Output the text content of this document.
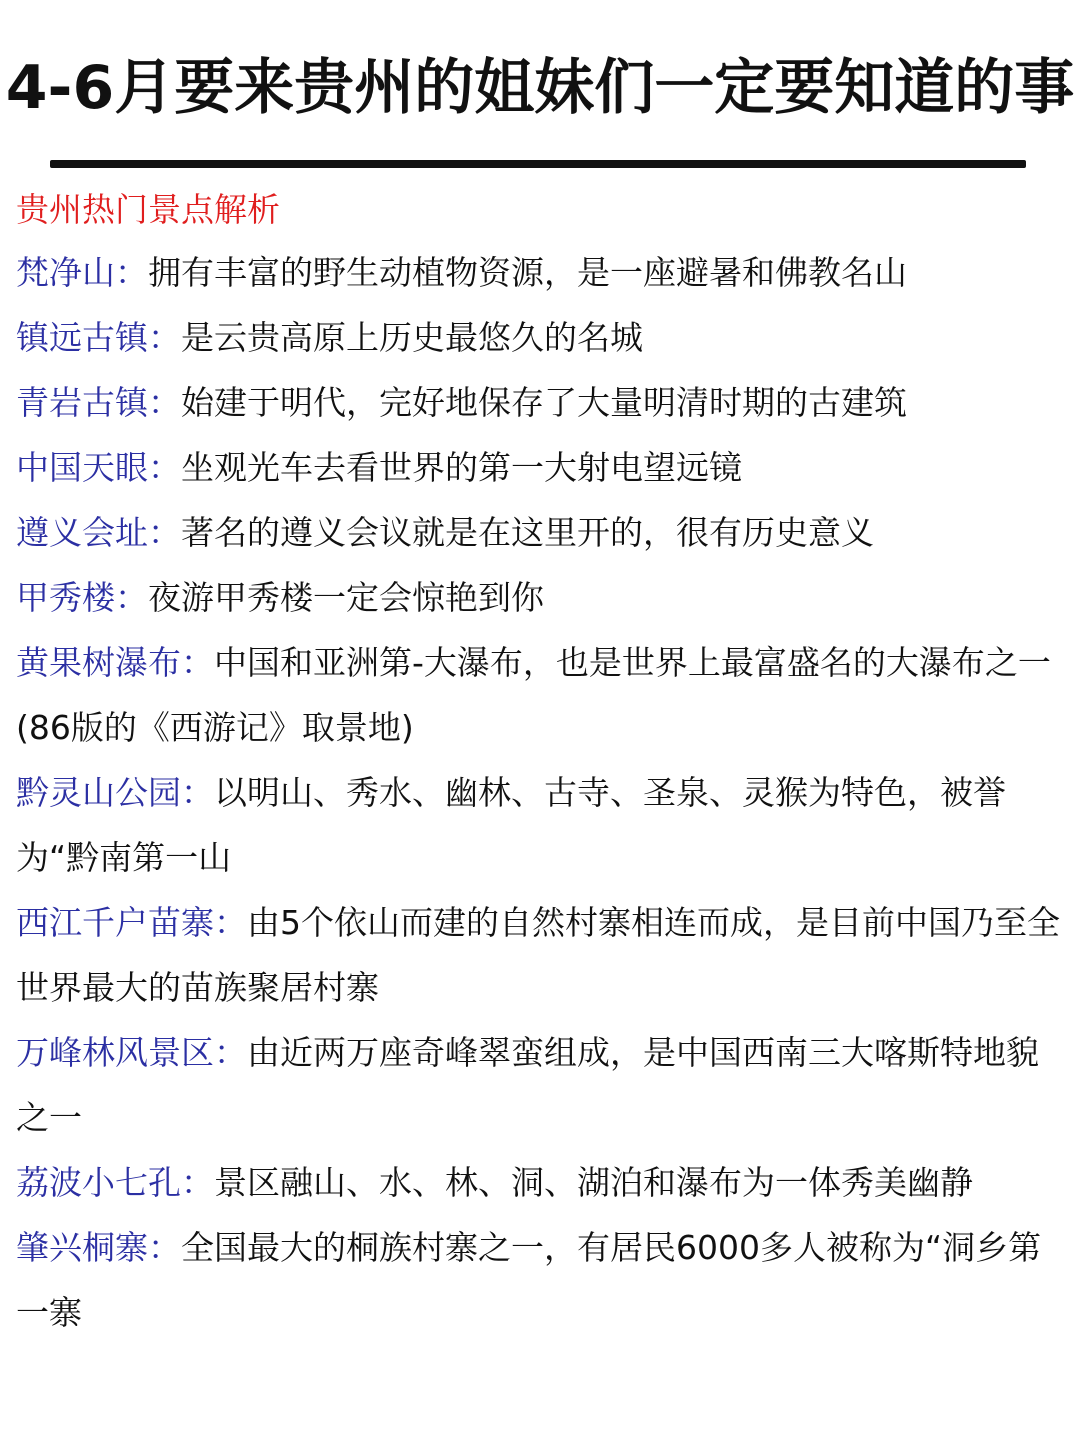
4-6月要来贵州的姐妹们一定要知道的事
贵州热门景点解析
梵净山：拥有丰富的野生动植物资源，是一座避暑和佛教名山
镇远古镇：是云贵高原上历史最悠久的名城
青岩古镇：始建于明代，完好地保存了大量明清时期的古建筑
中国天眼：坐观光车去看世界的第一大射电望远镜
遵义会址：著名的遵义会议就是在这里开的，很有历史意义
甲秀楼：夜游甲秀楼一定会惊艳到你
黄果树瀑布：中国和亚洲第-大瀑布，也是世界上最富盛名的大瀑布之一(86版的《西游记》取景地)
黔灵山公园：以明山、秀水、幽林、古寺、圣泉、灵猴为特色，被誉为“黔南第一山
西江千户苗寨：由5个依山而建的自然村寨相连而成，是目前中国乃至全世界最大的苗族聚居村寨
万峰林风景区：由近两万座奇峰翠蛮组成，是中国西南三大喀斯特地貌之一
荔波小七孔：景区融山、水、林、洞、湖泊和瀑布为一体秀美幽静
肇兴桐寨：全国最大的桐族村寨之一，有居民6000多人被称为“洞乡第一寨
